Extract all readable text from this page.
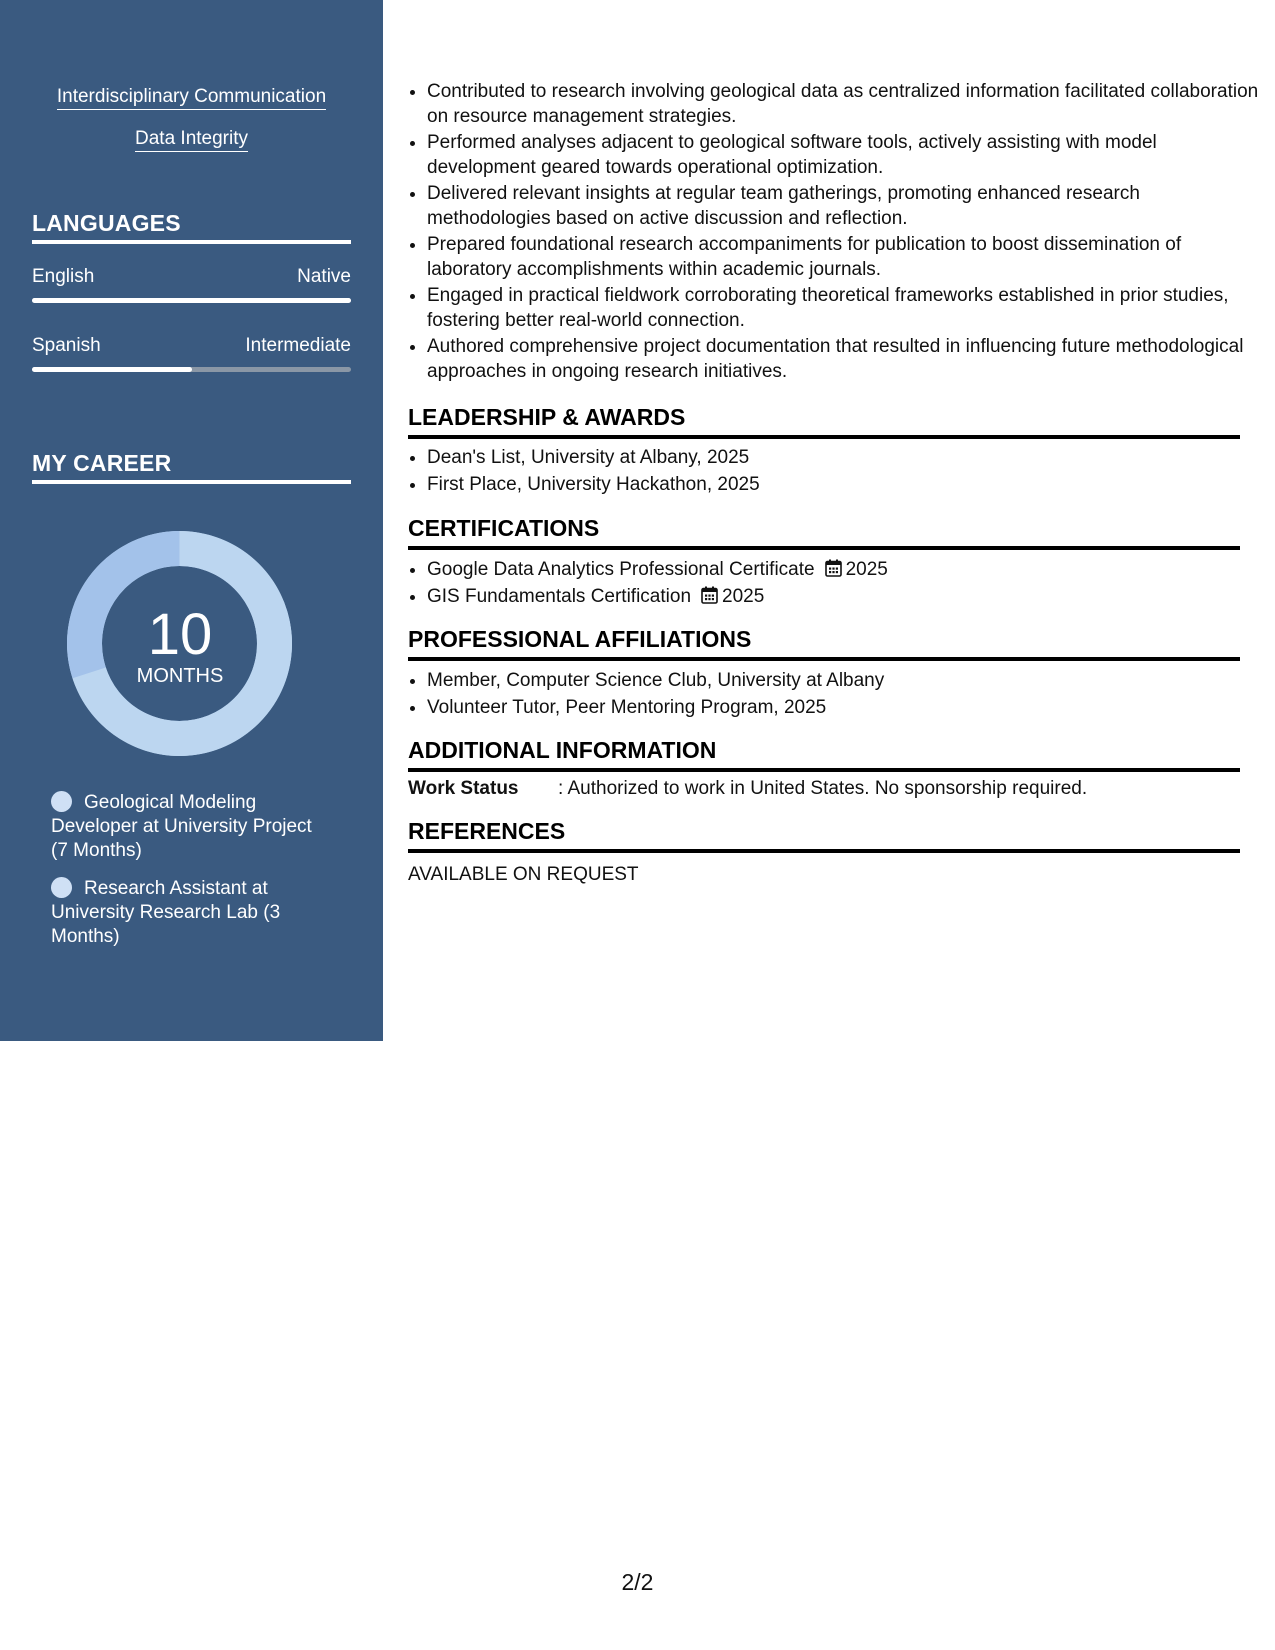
Interdisciplinary Communication
Data Integrity
LANGUAGES
English	Native
Spanish	Intermediate
MY CAREER
10
MONTHS
Geological Modeling Developer at University Project (7 Months)
Research Assistant at University Research Lab (3 Months)
• Contributed to research involving geological data as centralized information facilitated collaboration on resource management strategies.
• Performed analyses adjacent to geological software tools, actively assisting with model development geared towards operational optimization.
• Delivered relevant insights at regular team gatherings, promoting enhanced research methodologies based on active discussion and reflection.
• Prepared foundational research accompaniments for publication to boost dissemination of laboratory accomplishments within academic journals.
• Engaged in practical fieldwork corroborating theoretical frameworks established in prior studies, fostering better real-world connection.
• Authored comprehensive project documentation that resulted in influencing future methodological approaches in ongoing research initiatives.
LEADERSHIP & AWARDS
• Dean's List, University at Albany, 2025
• First Place, University Hackathon, 2025
CERTIFICATIONS
• Google Data Analytics Professional Certificate 2025
• GIS Fundamentals Certification 2025
PROFESSIONAL AFFILIATIONS
• Member, Computer Science Club, University at Albany
• Volunteer Tutor, Peer Mentoring Program, 2025
ADDITIONAL INFORMATION
Work Status	: Authorized to work in United States. No sponsorship required.
REFERENCES
AVAILABLE ON REQUEST
2/2
